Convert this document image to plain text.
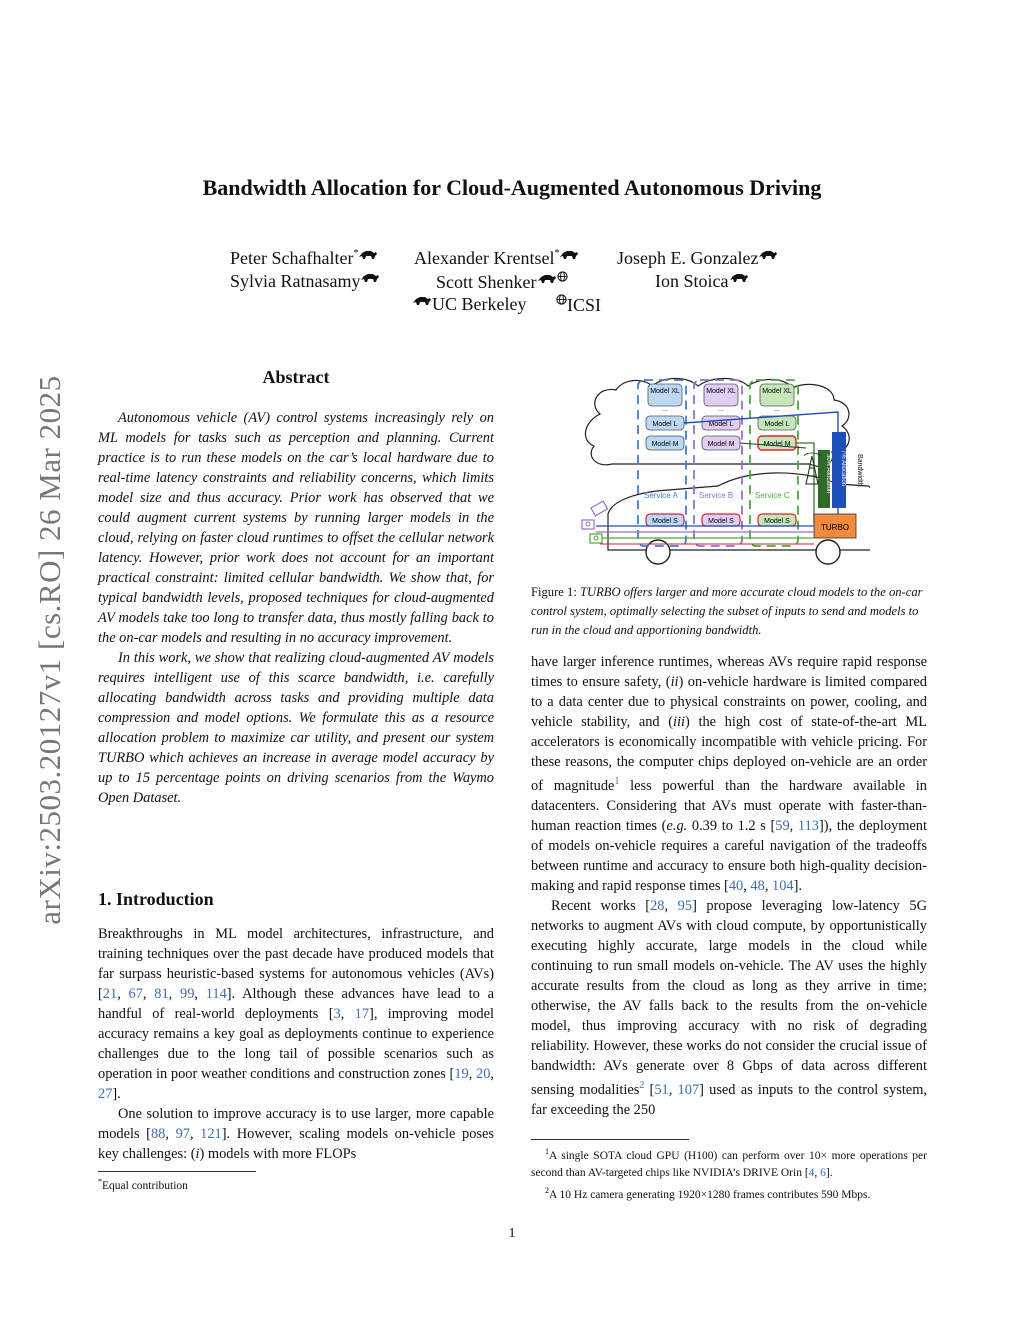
arXiv:2503.20127v1 [cs.RO] 26 Mar 2025
Bandwidth Allocation for Cloud-Augmented Autonomous Driving
Peter Schafhalter*	Alexander Krentsel*	Joseph E. Gonzalez
Sylvia Ratnasamy	Scott Shenker	Ion Stoica
UC Berkeley	ICSI
Abstract

Autonomous vehicle (AV) control systems increasingly rely on ML models for tasks such as perception and planning. Current practice is to run these models on the car’s local hardware due to real-time latency constraints and reliability concerns, which limits model size and thus accuracy. Prior work has observed that we could augment current systems by running larger models in the cloud, relying on faster cloud runtimes to offset the cellular network latency. However, prior work does not account for an important practical constraint: limited cellular bandwidth. We show that, for typical bandwidth levels, proposed techniques for cloud-augmented AV models take too long to transfer data, thus mostly falling back to the on-car models and resulting in no accuracy improvement.

In this work, we show that realizing cloud-augmented AV models requires intelligent use of this scarce bandwidth, i.e. carefully allocating bandwidth across tasks and providing multiple data compression and model options. We formulate this as a resource allocation problem to maximize car utility, and present our system TURBO which achieves an increase in average model accuracy by up to 15 percentage points on driving scenarios from the Waymo Open Dataset.

1. Introduction

Breakthroughs in ML model architectures, infrastructure, and training techniques over the past decade have produced models that far surpass heuristic-based systems for autonomous vehicles (AVs) [21, 67, 81, 99, 114]. Although these advances have lead to a handful of real-world deployments [3, 17], improving model accuracy remains a key goal as deployments continue to experience challenges due to the long tail of possible scenarios such as operation in poor weather conditions and construction zones [19, 20, 27].

One solution to improve accuracy is to use larger, more capable models [88, 97, 121]. However, scaling models on-vehicle poses key challenges: (i) models with more FLOPs

Model XL
...
Model L
Model M
Model XL
...
Model L
Model M
Model XL
...
Model L
Model M
Bandwidth
7% Allocation
30% Allocation
Service A	Service B	Service C
Model S	Model S	Model S
TURBO
Figure 1: TURBO offers larger and more accurate cloud models to the on-car control system, optimally selecting the subset of inputs to send and models to run in the cloud and apportioning bandwidth.

have larger inference runtimes, whereas AVs require rapid response times to ensure safety, (ii) on-vehicle hardware is limited compared to a data center due to physical constraints on power, cooling, and vehicle stability, and (iii) the high cost of state-of-the-art ML accelerators is economically incompatible with vehicle pricing. For these reasons, the computer chips deployed on-vehicle are an order of magnitude$^1$ less powerful than the hardware available in datacenters. Considering that AVs must operate with faster-than-human reaction times (e.g. 0.39 to 1.2 s [59, 113]), the deployment of models on-vehicle requires a careful navigation of the tradeoffs between runtime and accuracy to ensure both high-quality decision-making and rapid response times [40, 48, 104].

Recent works [28, 95] propose leveraging low-latency 5G networks to augment AVs with cloud compute, by opportunistically executing highly accurate, large models in the cloud while continuing to run small models on-vehicle. The AV uses the highly accurate results from the cloud as long as they arrive in time; otherwise, the AV falls back to the results from the on-vehicle model, thus improving accuracy with no risk of degrading reliability. However, these works do not consider the crucial issue of bandwidth: AVs generate over 8 Gbps of data across different sensing modalities$^2$ [51, 107] used as inputs to the control system, far exceeding the 250

*Equal contribution
$^1$A single SOTA cloud GPU (H100) can perform over 10× more operations per second than AV-targeted chips like NVIDIA’s DRIVE Orin [4, 6].
$^2$A 10 Hz camera generating 1920×1280 frames contributes 590 Mbps.
1
